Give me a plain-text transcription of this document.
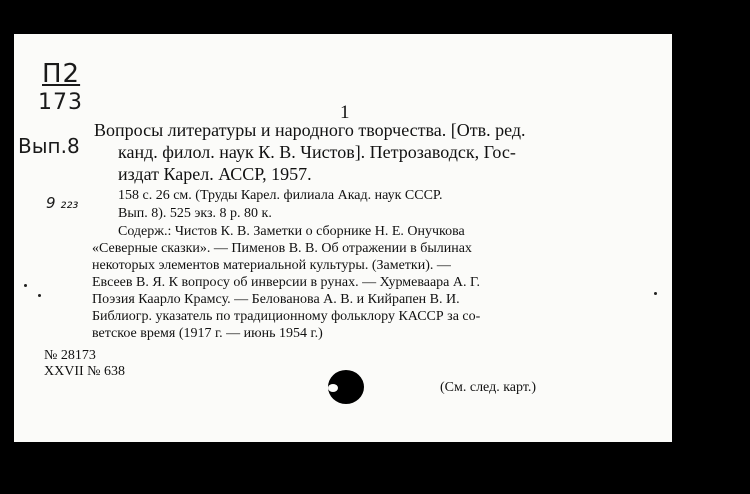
П2
173
Вып.8
9 ₂₂₃
1
Вопросы литературы и народного творчества. [Отв. ред.
канд. филол. наук К. В. Чистов]. Петрозаводск, Гос-
издат Карел. АССР, 1957.
158 с. 26 см. (Труды Карел. филиала Акад. наук СССР.
Вып. 8). 525 экз. 8 р. 80 к.
Содерж.: Чистов К. В. Заметки о сборнике Н. Е. Онучкова
«Северные сказки». — Пименов В. В. Об отражении в былинах
некоторых элементов материальной культуры. (Заметки). —
Евсеев В. Я. К вопросу об инверсии в рунах. — Хурмеваара А. Г.
Поэзия Каарло Крамсу. — Белованова А. В. и Кийрапен В. И.
Библиогр. указатель по традиционному фольклору КАССР за со-
ветское время (1917 г. — июнь 1954 г.)
№ 28173
XXVII № 638
(См. след. карт.)
